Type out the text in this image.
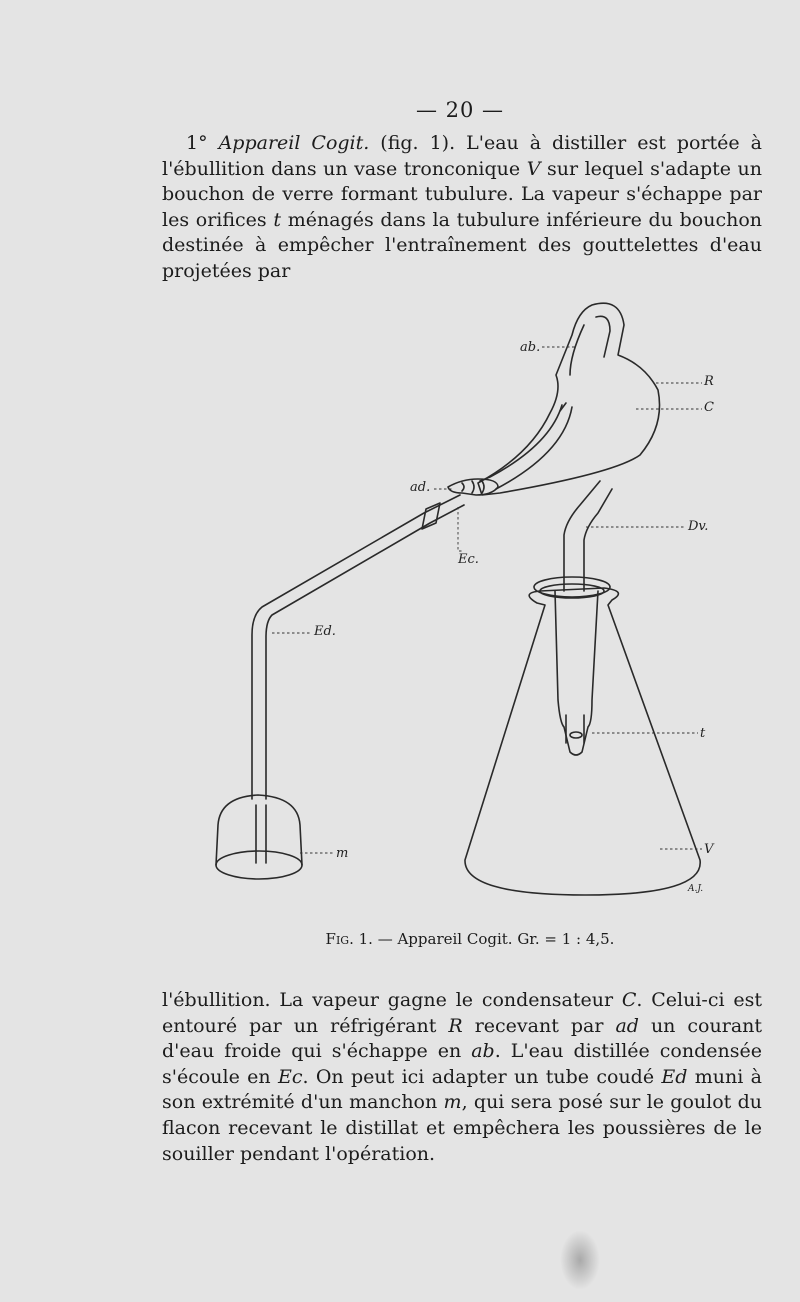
— 20 —

1° Appareil Cogit. (fig. 1). L'eau à distiller est portée à l'ébullition dans un vase tronconique V sur lequel s'adapte un bouchon de verre formant tubulure. La vapeur s'échappe par les orifices t ménagés dans la tubulure inférieure du bouchon destinée à empêcher l'entraînement des gouttelettes d'eau projetées par

ab.
R
C
ad.
Dv.
Ec.
Ed.
t
m	V
A.J.
Fig. 1. — Appareil Cogit. Gr. = 1 : 4,5.

l'ébullition. La vapeur gagne le condensateur C. Celui-ci est entouré par un réfrigérant R recevant par ad un courant d'eau froide qui s'échappe en ab. L'eau distillée condensée s'écoule en Ec. On peut ici adapter un tube coudé Ed muni à son extrémité d'un manchon m, qui sera posé sur le goulot du flacon recevant le distillat et empêchera les poussières de le souiller pendant l'opération.
